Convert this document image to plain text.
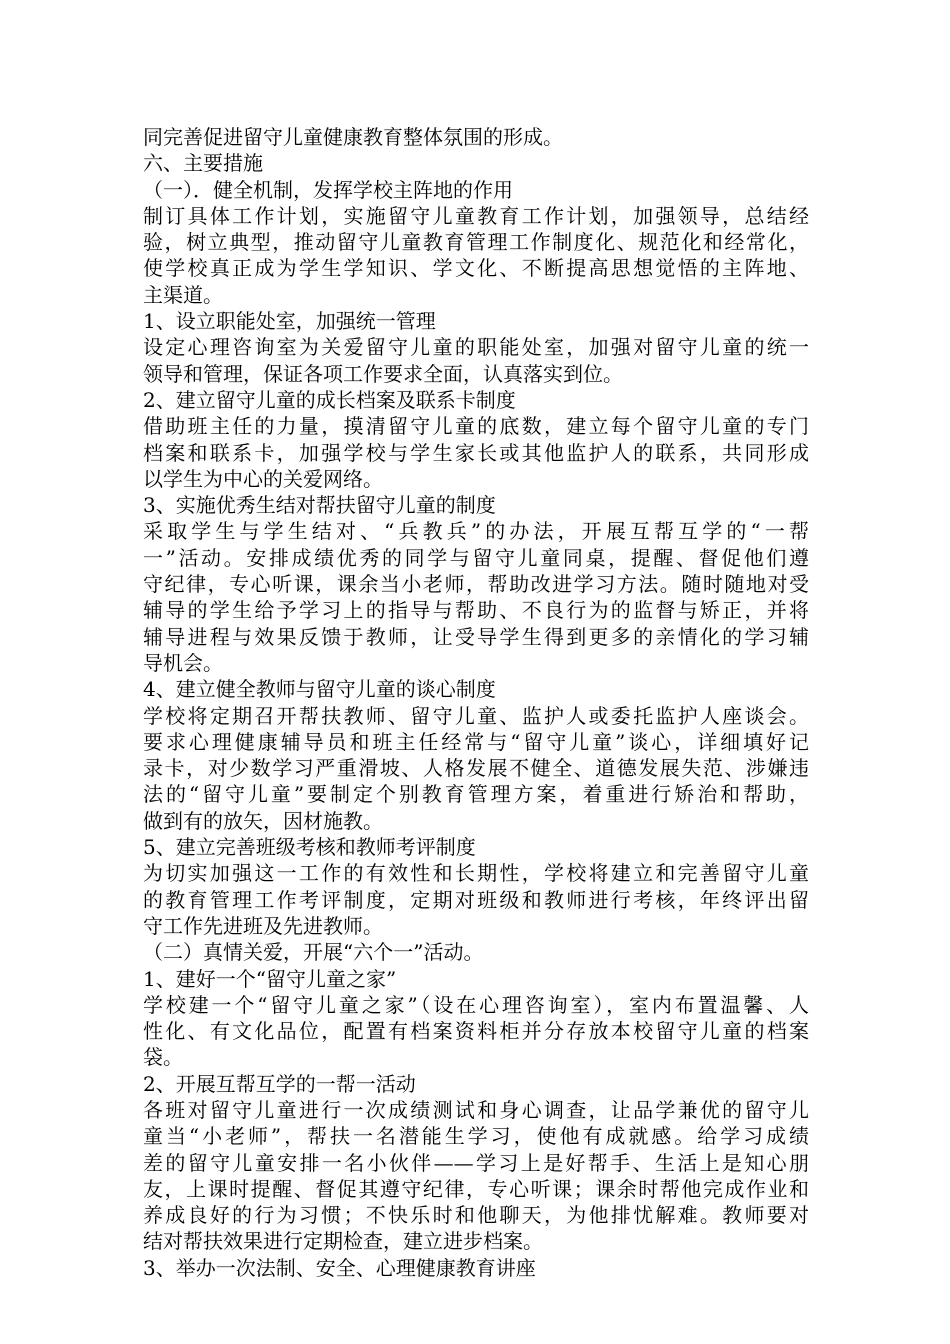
同完善促进留守儿童健康教育整体氛围的形成。
六、主要措施
（一）．健全机制，发挥学校主阵地的作用
制订具体工作计划，实施留守儿童教育工作计划，加强领导，总结经
验，树立典型，推动留守儿童教育管理工作制度化、规范化和经常化，
使学校真正成为学生学知识、学文化、不断提高思想觉悟的主阵地、
主渠道。
1、设立职能处室，加强统一管理
设定心理咨询室为关爱留守儿童的职能处室，加强对留守儿童的统一
领导和管理，保证各项工作要求全面，认真落实到位。
2、建立留守儿童的成长档案及联系卡制度
借助班主任的力量，摸清留守儿童的底数，建立每个留守儿童的专门
档案和联系卡，加强学校与学生家长或其他监护人的联系，共同形成
以学生为中心的关爱网络。
3、实施优秀生结对帮扶留守儿童的制度
采取学生与学生结对、“兵教兵”的办法，开展互帮互学的“一帮
一”活动。安排成绩优秀的同学与留守儿童同桌，提醒、督促他们遵
守纪律，专心听课，课余当小老师，帮助改进学习方法。随时随地对受
辅导的学生给予学习上的指导与帮助、不良行为的监督与矫正，并将
辅导进程与效果反馈于教师，让受导学生得到更多的亲情化的学习辅
导机会。
4、建立健全教师与留守儿童的谈心制度
学校将定期召开帮扶教师、留守儿童、监护人或委托监护人座谈会。
要求心理健康辅导员和班主任经常与“留守儿童”谈心，详细填好记
录卡，对少数学习严重滑坡、人格发展不健全、道德发展失范、涉嫌违
法的“留守儿童”要制定个别教育管理方案，着重进行矫治和帮助，
做到有的放矢，因材施教。
5、建立完善班级考核和教师考评制度
为切实加强这一工作的有效性和长期性，学校将建立和完善留守儿童
的教育管理工作考评制度，定期对班级和教师进行考核，年终评出留
守工作先进班及先进教师。
（二）真情关爱，开展“六个一”活动。
1、建好一个“留守儿童之家”
学校建一个“留守儿童之家”（设在心理咨询室），室内布置温馨、人
性化、有文化品位，配置有档案资料柜并分存放本校留守儿童的档案
袋。
2、开展互帮互学的一帮一活动
各班对留守儿童进行一次成绩测试和身心调查，让品学兼优的留守儿
童当“小老师”，帮扶一名潜能生学习，使他有成就感。给学习成绩
差的留守儿童安排一名小伙伴——学习上是好帮手、生活上是知心朋
友，上课时提醒、督促其遵守纪律，专心听课；课余时帮他完成作业和
养成良好的行为习惯；不快乐时和他聊天，为他排忧解难。教师要对
结对帮扶效果进行定期检查，建立进步档案。
3、举办一次法制、安全、心理健康教育讲座
